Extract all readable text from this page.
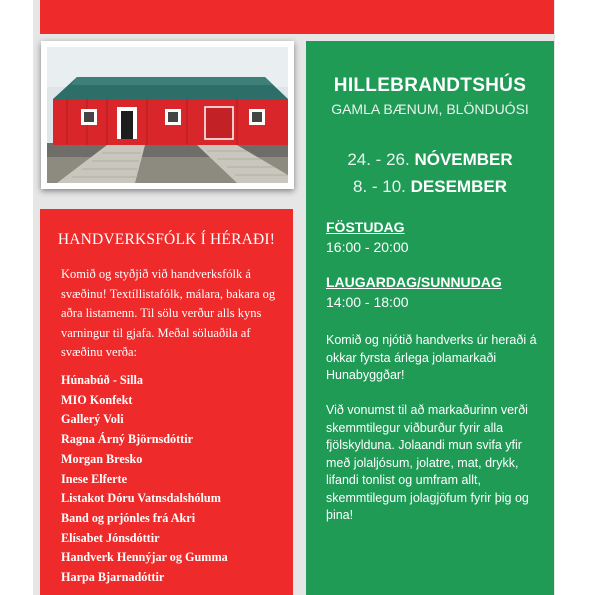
HANDVERKSFÓLK Í HÉRAÐI!

Komið og styðjið við handverksfólk á svæðinu! Textíllistafólk, málara, bakara og aðra listamenn. Til sölu verður alls kyns varningur til gjafa. Meðal söluaðila af svæðinu verða:

Húnabúð - Silla
MIO Konfekt
Gallerý Voli
Ragna Árný Björnsdóttir
Morgan Bresko
Inese Elferte
Listakot Dóru Vatnsdalshólum
Band og prjónles frá Akri
Elísabet Jónsdóttir
Handverk Hennýjar og Gumma
Harpa Bjarnadóttir
HILLEBRANDTSHÚS
GAMLA BÆNUM, BLÖNDUÓSI
24. - 26. NÓVEMBER
8. - 10. DESEMBER
FÖSTUDAG
16:00 - 20:00
LAUGARDAG/SUNNUDAG
14:00 - 18:00

Komið og njótið handverks úr heraði á okkar fyrsta árlega jolamarkaði Hunabyggðar!

Við vonumst til að markaðurinn verði skemmtilegur viðburður fyrir alla fjölskylduna. Jolaandi mun svifa yfir með jolaljósum, jolatre, mat, drykk, lifandi tonlist og umfram allt, skemmtilegum jolagjöfum fyrir þig og þina!
